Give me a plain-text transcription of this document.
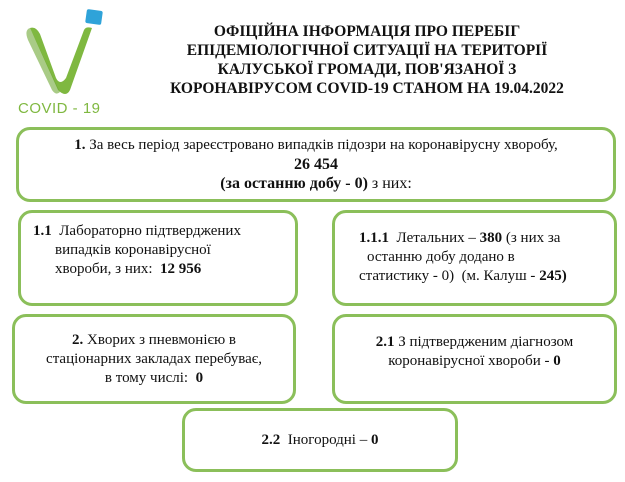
COVID - 19
ОФІЦІЙНА ІНФОРМАЦІЯ ПРО ПЕРЕБІГ
ЕПІДЕМІОЛОГІЧНОЇ СИТУАЦІЇ НА ТЕРИТОРІЇ
КАЛУСЬКОЇ ГРОМАДИ, ПОВ'ЯЗАНОЇ З
КОРОНАВІРУСОМ COVID-19 СТАНОМ НА 19.04.2022
1. За весь період зареєстровано випадків підозри на коронавірусну хворобу,
26 454
(за останню добу - 0) з них:
1.1 Лабораторно підтверджених
випадків коронавірусної
хвороби, з них: 12 956
1.1.1 Летальних – 380 (з них за
останню добу додано в
статистику - 0) (м. Калуш - 245)
2. Хворих з пневмонією в
стаціонарних закладах перебуває,
в тому числі: 0
2.1 З підтвердженим діагнозом
коронавірусної хвороби - 0
2.2 Іногородні – 0
